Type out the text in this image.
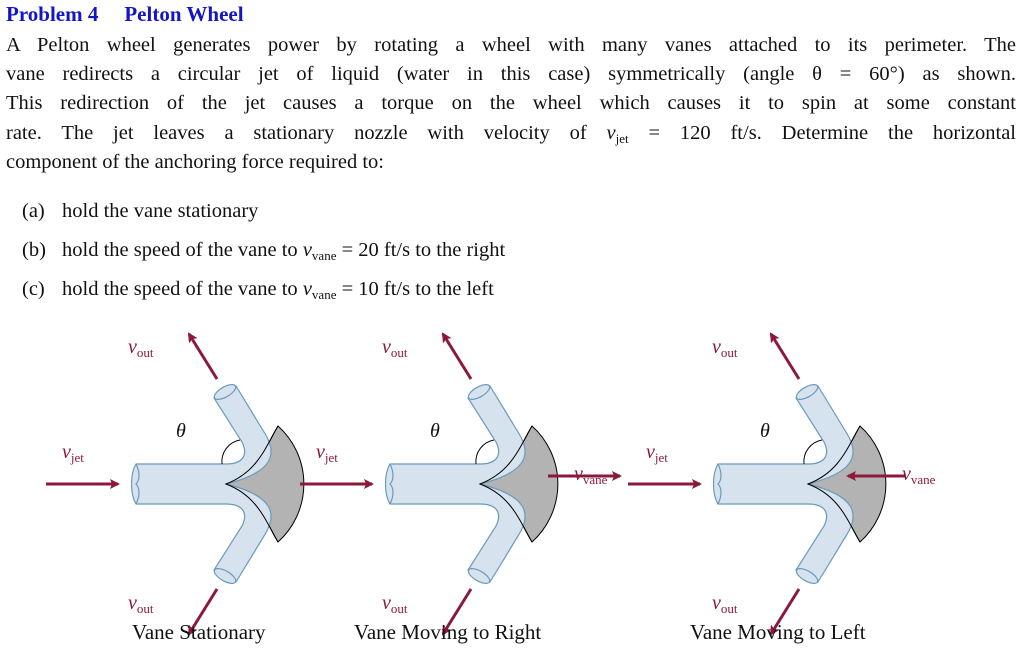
Problem 4 Pelton Wheel
A Pelton wheel generates power by rotating a wheel with many vanes attached to its perimeter. The
vane redirects a circular jet of liquid (water in this case) symmetrically (angle θ = 60°) as shown.
This redirection of the jet causes a torque on the wheel which causes it to spin at some constant
rate. The jet leaves a stationary nozzle with velocity of $v_{jet} = 120$ ft/s. Determine the horizontal
component of the anchoring force required to:
(a) hold the vane stationary
(b) hold the speed of the vane to $v_{vane} = 20$ ft/s to the right
(c) hold the speed of the vane to $v_{vane} = 10$ ft/s to the left
$v_{out}$
$v_{jet}$
θ
$v_{out}$
Vane Stationary
$v_{out}$
$v_{jet}$
θ
$v_{vane}$
$v_{out}$
Vane Moving to Right
$v_{out}$
$v_{jet}$
θ
$v_{vane}$
$v_{out}$
Vane Moving to Left
